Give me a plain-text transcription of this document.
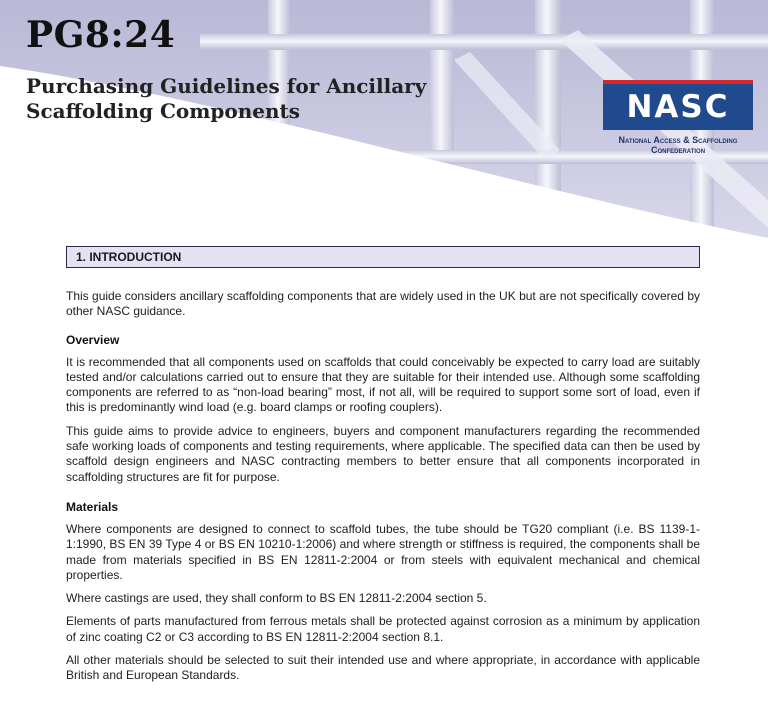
PG8:24
Purchasing Guidelines for Ancillary
Scaffolding Components	NASC
National Access & Scaffolding
Confederation
1. INTRODUCTION

This guide considers ancillary scaffolding components that are widely used in the UK but are not specifically covered by other NASC guidance.

Overview

It is recommended that all components used on scaffolds that could conceivably be expected to carry load are suitably tested and/or calculations carried out to ensure that they are suitable for their intended use. Although some scaffolding components are referred to as “non-load bearing” most, if not all, will be required to support some sort of load, even if this is predominantly wind load (e.g. board clamps or roofing couplers).

This guide aims to provide advice to engineers, buyers and component manufacturers regarding the recommended safe working loads of components and testing requirements, where applicable. The specified data can then be used by scaffold design engineers and NASC contracting members to better ensure that all components incorporated in scaffolding structures are fit for purpose.

Materials

Where components are designed to connect to scaffold tubes, the tube should be TG20 compliant (i.e. BS 1139-1-1:1990, BS EN 39 Type 4 or BS EN 10210-1:2006) and where strength or stiffness is required, the components shall be made from materials specified in BS EN 12811-2:2004 or from steels with equivalent mechanical and chemical properties.

Where castings are used, they shall conform to BS EN 12811-2:2004 section 5.

Elements of parts manufactured from ferrous metals shall be protected against corrosion as a minimum by application of zinc coating C2 or C3 according to BS EN 12811-2:2004 section 8.1.

All other materials should be selected to suit their intended use and where appropriate, in accordance with applicable British and European Standards.
